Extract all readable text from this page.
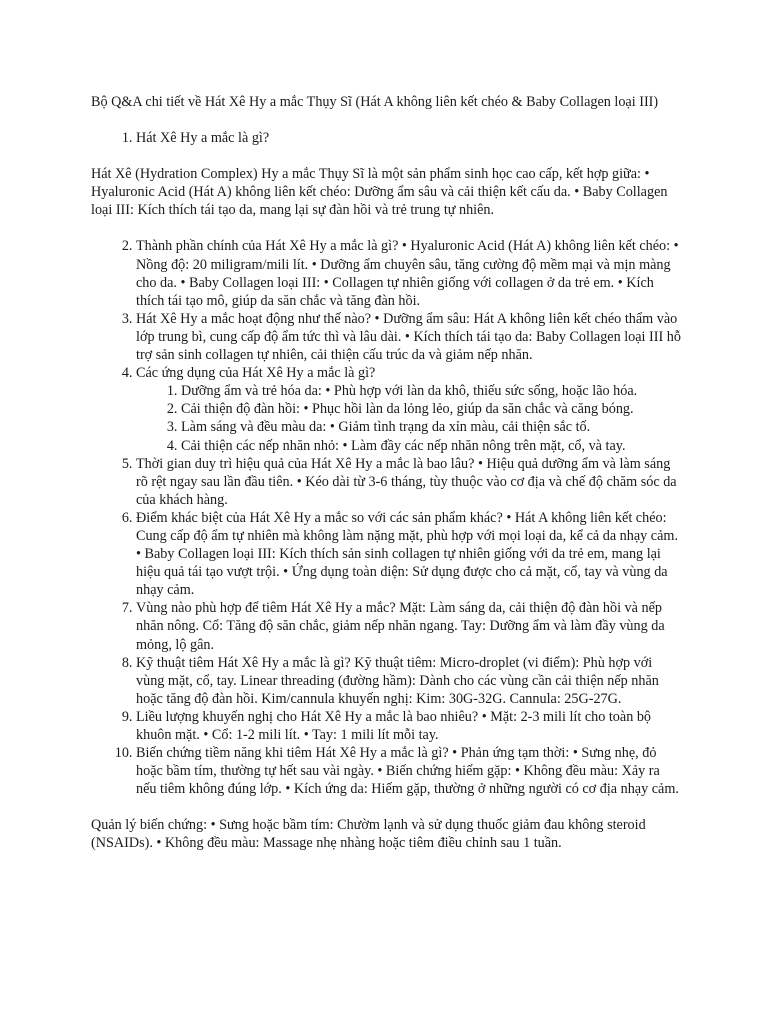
Bộ Q&A chi tiết về Hát Xê Hy a mắc Thụy Sĩ (Hát A không liên kết chéo & Baby Collagen loại III)

1. Hát Xê Hy a mắc là gì?

Hát Xê (Hydration Complex) Hy a mắc Thụy Sĩ là một sản phẩm sinh học cao cấp, kết hợp giữa: • Hyaluronic Acid (Hát A) không liên kết chéo: Dưỡng ẩm sâu và cải thiện kết cấu da. • Baby Collagen loại III: Kích thích tái tạo da, mang lại sự đàn hồi và trẻ trung tự nhiên.

2. Thành phần chính của Hát Xê Hy a mắc là gì? • Hyaluronic Acid (Hát A) không liên kết chéo: • Nồng độ: 20 miligram/mili lít. • Dưỡng ẩm chuyên sâu, tăng cường độ mềm mại và mịn màng cho da. • Baby Collagen loại III: • Collagen tự nhiên giống với collagen ở da trẻ em. • Kích thích tái tạo mô, giúp da săn chắc và tăng đàn hồi.
3. Hát Xê Hy a mắc hoạt động như thế nào? • Dưỡng ẩm sâu: Hát A không liên kết chéo thẩm vào lớp trung bì, cung cấp độ ẩm tức thì và lâu dài. • Kích thích tái tạo da: Baby Collagen loại III hỗ trợ sản sinh collagen tự nhiên, cải thiện cấu trúc da và giảm nếp nhăn.
4. Các ứng dụng của Hát Xê Hy a mắc là gì?
1. Dưỡng ẩm và trẻ hóa da: • Phù hợp với làn da khô, thiếu sức sống, hoặc lão hóa.
2. Cải thiện độ đàn hồi: • Phục hồi làn da lỏng lẻo, giúp da săn chắc và căng bóng.
3. Làm sáng và đều màu da: • Giảm tình trạng da xỉn màu, cải thiện sắc tố.
4. Cải thiện các nếp nhăn nhỏ: • Làm đầy các nếp nhăn nông trên mặt, cổ, và tay.
5. Thời gian duy trì hiệu quả của Hát Xê Hy a mắc là bao lâu? • Hiệu quả dưỡng ẩm và làm sáng rõ rệt ngay sau lần đầu tiên. • Kéo dài từ 3-6 tháng, tùy thuộc vào cơ địa và chế độ chăm sóc da của khách hàng.
6. Điểm khác biệt của Hát Xê Hy a mắc so với các sản phẩm khác? • Hát A không liên kết chéo: Cung cấp độ ẩm tự nhiên mà không làm nặng mặt, phù hợp với mọi loại da, kể cả da nhạy cảm. • Baby Collagen loại III: Kích thích sản sinh collagen tự nhiên giống với da trẻ em, mang lại hiệu quả tái tạo vượt trội. • Ứng dụng toàn diện: Sử dụng được cho cả mặt, cổ, tay và vùng da nhạy cảm.
7. Vùng nào phù hợp để tiêm Hát Xê Hy a mắc? Mặt: Làm sáng da, cải thiện độ đàn hồi và nếp nhăn nông. Cổ: Tăng độ săn chắc, giảm nếp nhăn ngang. Tay: Dưỡng ẩm và làm đầy vùng da mỏng, lộ gân.
8. Kỹ thuật tiêm Hát Xê Hy a mắc là gì? Kỹ thuật tiêm: Micro-droplet (vi điểm): Phù hợp với vùng mặt, cổ, tay. Linear threading (đường hầm): Dành cho các vùng cần cải thiện nếp nhăn hoặc tăng độ đàn hồi. Kim/cannula khuyến nghị: Kim: 30G-32G. Cannula: 25G-27G.
9. Liều lượng khuyến nghị cho Hát Xê Hy a mắc là bao nhiêu? • Mặt: 2-3 mili lít cho toàn bộ khuôn mặt. • Cổ: 1-2 mili lít. • Tay: 1 mili lít mỗi tay.
10. Biến chứng tiềm năng khi tiêm Hát Xê Hy a mắc là gì? • Phản ứng tạm thời: • Sưng nhẹ, đỏ hoặc bầm tím, thường tự hết sau vài ngày. • Biến chứng hiếm gặp: • Không đều màu: Xảy ra nếu tiêm không đúng lớp. • Kích ứng da: Hiếm gặp, thường ở những người có cơ địa nhạy cảm.

Quản lý biến chứng: • Sưng hoặc bầm tím: Chườm lạnh và sử dụng thuốc giảm đau không steroid (NSAIDs). • Không đều màu: Massage nhẹ nhàng hoặc tiêm điều chỉnh sau 1 tuần.
